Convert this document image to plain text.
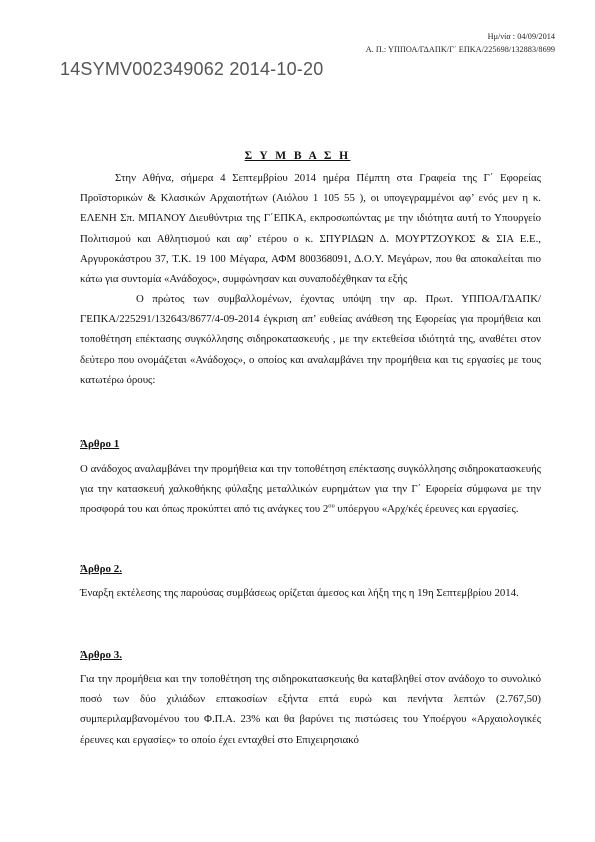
Ημ/νία : 04/09/2014
Α. Π.: ΥΠΠΟΑ/ΓΔΑΠΚ/Γ΄ ΕΠΚΑ/225698/132883/8699
14SYMV002349062 2014-10-20
Σ Υ Μ Β Α Σ Η

Στην Αθήνα, σήμερα 4 Σεπτεμβρίου 2014 ημέρα Πέμπτη στα Γραφεία της Γ΄ Εφορείας Προϊστορικών & Κλασικών Αρχαιοτήτων (Αιόλου 1 105 55 ), οι υπογεγραμμένοι αφ’ ενός μεν η κ. ΕΛΕΝΗ Σπ. ΜΠΑΝΟΥ Διευθύντρια της Γ΄ΕΠΚΑ, εκπροσωπώντας με την ιδιότητα αυτή το Υπουργείο Πολιτισμού και Αθλητισμού και αφ’ ετέρου ο κ. ΣΠΥΡΙΔΩΝ Δ. ΜΟΥΡΤΖΟΥΚΟΣ & ΣΙΑ Ε.Ε., Αργυροκάστρου 37, Τ.Κ. 19 100 Μέγαρα, ΑΦΜ 800368091, Δ.Ο.Υ. Μεγάρων, που θα αποκαλείται πιο κάτω για συντομία «Ανάδοχος», συμφώνησαν και συναποδέχθηκαν τα εξής

Ο πρώτος των συμβαλλομένων, έχοντας υπόψη την αρ. Πρωτ. ΥΠΠΟΑ/ΓΔΑΠΚ/ΓΕΠΚΑ/225291/132643/8677/4-09-2014 έγκριση απ’ ευθείας ανάθεση της Εφορείας για προμήθεια και τοποθέτηση επέκτασης συγκόλλησης σιδηροκατασκευής , με την εκτεθείσα ιδιότητά της, αναθέτει στον δεύτερο που ονομάζεται «Ανάδοχος», ο οποίος και αναλαμβάνει την προμήθεια και τις εργασίες με τους κατωτέρω όρους:

Άρθρο 1

Ο ανάδοχος αναλαμβάνει την προμήθεια και την τοποθέτηση επέκτασης συγκόλλησης σιδηροκατασκευής για την κατασκευή χαλκοθήκης φύλαξης μεταλλικών ευρημάτων για την Γ΄ Εφορεία σύμφωνα με την προσφορά του και όπως προκύπτει από τις ανάγκες του $2^{o\upsilon}$ υπόεργου «Αρχ/κές έρευνες και εργασίες.

Άρθρο 2.

Έναρξη εκτέλεσης της παρούσας συμβάσεως ορίζεται άμεσος και λήξη της η 19η Σεπτεμβρίου 2014.

Άρθρο 3.

Για την προμήθεια και την τοποθέτηση της σιδηροκατασκευής θα καταβληθεί στον ανάδοχο το συνολικό ποσό των δύο χιλιάδων επτακοσίων εξήντα επτά ευρώ και πενήντα λεπτών (2.767,50) συμπεριλαμβανομένου του Φ.Π.Α. 23% και θα βαρύνει τις πιστώσεις του Υποέργου «Αρχαιολογικές έρευνες και εργασίες» το οποίο έχει ενταχθεί στο Επιχειρησιακό
